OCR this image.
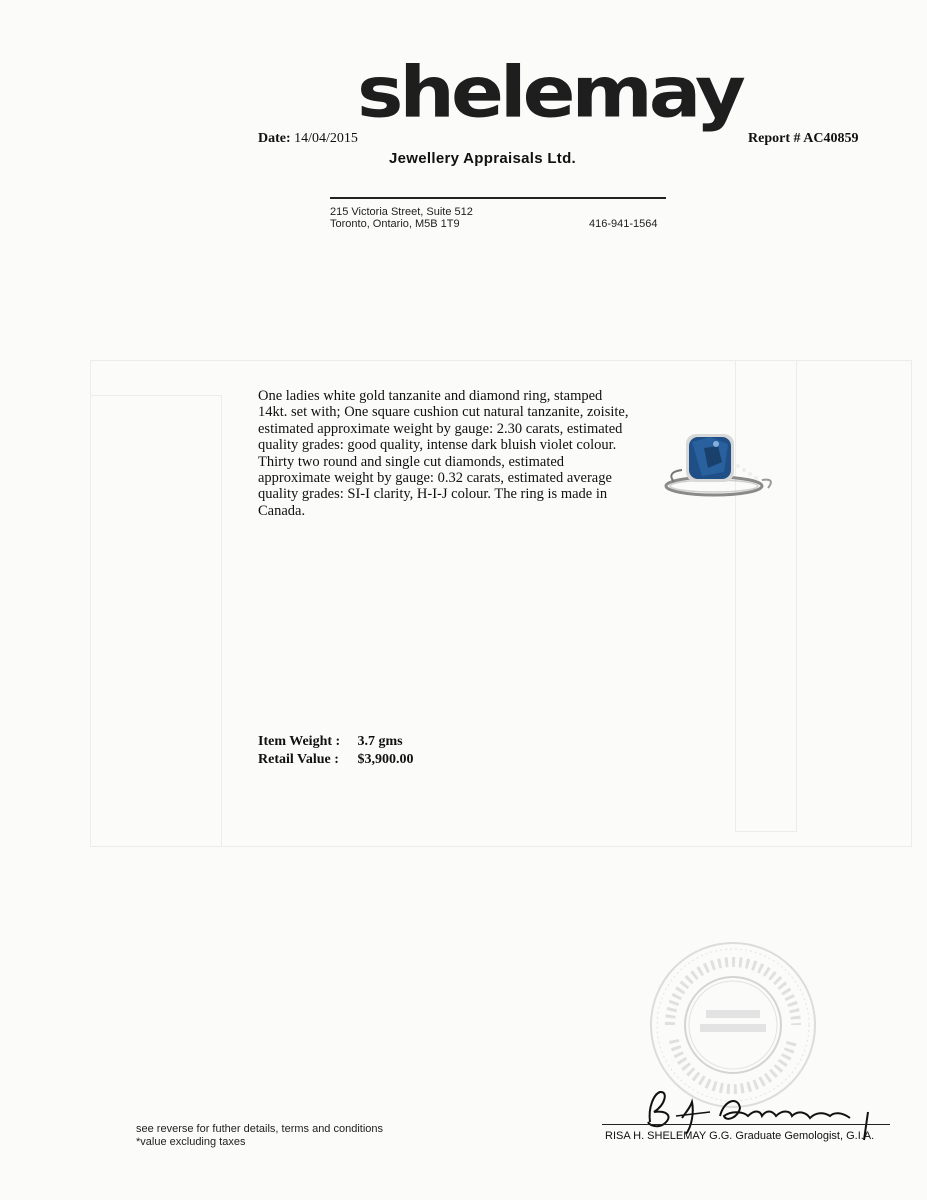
Date: 14/04/2015
shelemay
Jewellery Appraisals Ltd.
Report # AC40859
215 Victoria Street, Suite 512
Toronto, Ontario, M5B 1T9	416-941-1564
One ladies white gold tanzanite and diamond ring, stamped 14kt. set with; One square cushion cut natural tanzanite, zoisite, estimated approximate weight by gauge: 2.30 carats, estimated quality grades: good quality, intense dark bluish violet colour. Thirty two round and single cut diamonds, estimated approximate weight by gauge: 0.32 carats, estimated average quality grades: SI-I clarity, H-I-J colour. The ring is made in Canada.
Item Weight : 3.7 gms
Retail Value : $3,900.00
see reverse for futher details, terms and conditions
*value excluding taxes	RISA H. SHELEMAY G.G. Graduate Gemologist, G.I.A.
